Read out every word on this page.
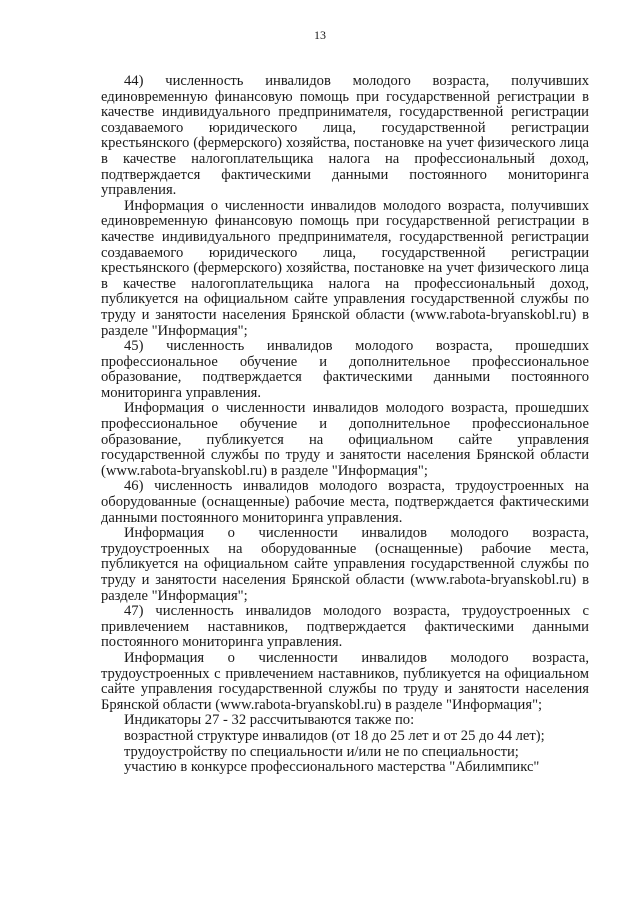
13

44) численность инвалидов молодого возраста, получивших единовременную финансовую помощь при государственной регистрации в качестве индивидуального предпринимателя, государственной регистрации создаваемого юридического лица, государственной регистрации крестьянского (фермерского) хозяйства, постановке на учет физического лица в качестве налогоплательщика налога на профессиональный доход, подтверждается фактическими данными постоянного мониторинга управления.

Информация о численности инвалидов молодого возраста, получивших единовременную финансовую помощь при государственной регистрации в качестве индивидуального предпринимателя, государственной регистрации создаваемого юридического лица, государственной регистрации крестьянского (фермерского) хозяйства, постановке на учет физического лица в качестве налогоплательщика налога на профессиональный доход, публикуется на официальном сайте управления государственной службы по труду и занятости населения Брянской области (www.rabota-bryanskobl.ru) в разделе "Информация";

45) численность инвалидов молодого возраста, прошедших профессиональное обучение и дополнительное профессиональное образование, подтверждается фактическими данными постоянного мониторинга управления.

Информация о численности инвалидов молодого возраста, прошедших профессиональное обучение и дополнительное профессиональное образование, публикуется на официальном сайте управления государственной службы по труду и занятости населения Брянской области (www.rabota-bryanskobl.ru) в разделе "Информация";

46) численность инвалидов молодого возраста, трудоустроенных на оборудованные (оснащенные) рабочие места, подтверждается фактическими данными постоянного мониторинга управления.

Информация о численности инвалидов молодого возраста, трудоустроенных на оборудованные (оснащенные) рабочие места, публикуется на официальном сайте управления государственной службы по труду и занятости населения Брянской области (www.rabota-bryanskobl.ru) в разделе "Информация";

47) численность инвалидов молодого возраста, трудоустроенных с привлечением наставников, подтверждается фактическими данными постоянного мониторинга управления.

Информация о численности инвалидов молодого возраста, трудоустроенных с привлечением наставников, публикуется на официальном сайте управления государственной службы по труду и занятости населения Брянской области (www.rabota-bryanskobl.ru) в разделе "Информация";

Индикаторы 27 - 32 рассчитываются также по:

возрастной структуре инвалидов (от 18 до 25 лет и от 25 до 44 лет);

трудоустройству по специальности и/или не по специальности;

участию в конкурсе профессионального мастерства "Абилимпикс"
